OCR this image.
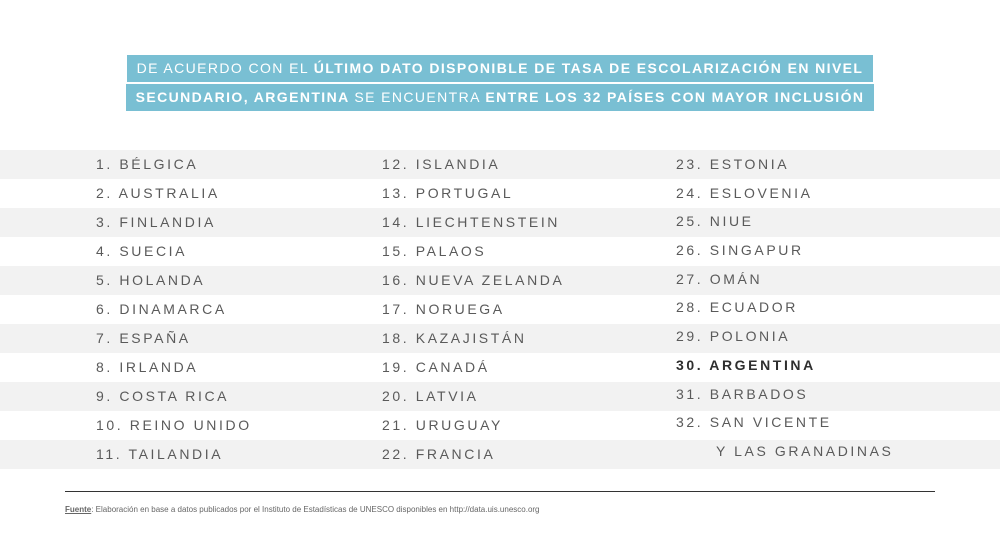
DE ACUERDO CON EL ÚLTIMO DATO DISPONIBLE DE TASA DE ESCOLARIZACIÓN EN NIVEL
SECUNDARIO, ARGENTINA SE ENCUENTRA ENTRE LOS 32 PAÍSES CON MAYOR INCLUSIÓN
1. BÉLGICA
2. AUSTRALIA
3. FINLANDIA
4. SUECIA
5. HOLANDA
6. DINAMARCA
7. ESPAÑA
8. IRLANDA
9. COSTA RICA
10. REINO UNIDO
11. TAILANDIA
12. ISLANDIA
13. PORTUGAL
14. LIECHTENSTEIN
15. PALAOS
16. NUEVA ZELANDA
17. NORUEGA
18. KAZAJISTÁN
19. CANADÁ
20. LATVIA
21. URUGUAY
22. FRANCIA
23. ESTONIA
24. ESLOVENIA
25. NIUE
26. SINGAPUR
27. OMÁN
28. ECUADOR
29. POLONIA
30. ARGENTINA
31. BARBADOS
32. SAN VICENTE
Y LAS GRANADINAS
Fuente: Elaboración en base a datos publicados por el Instituto de Estadísticas de UNESCO disponibles en http://data.uis.unesco.org
